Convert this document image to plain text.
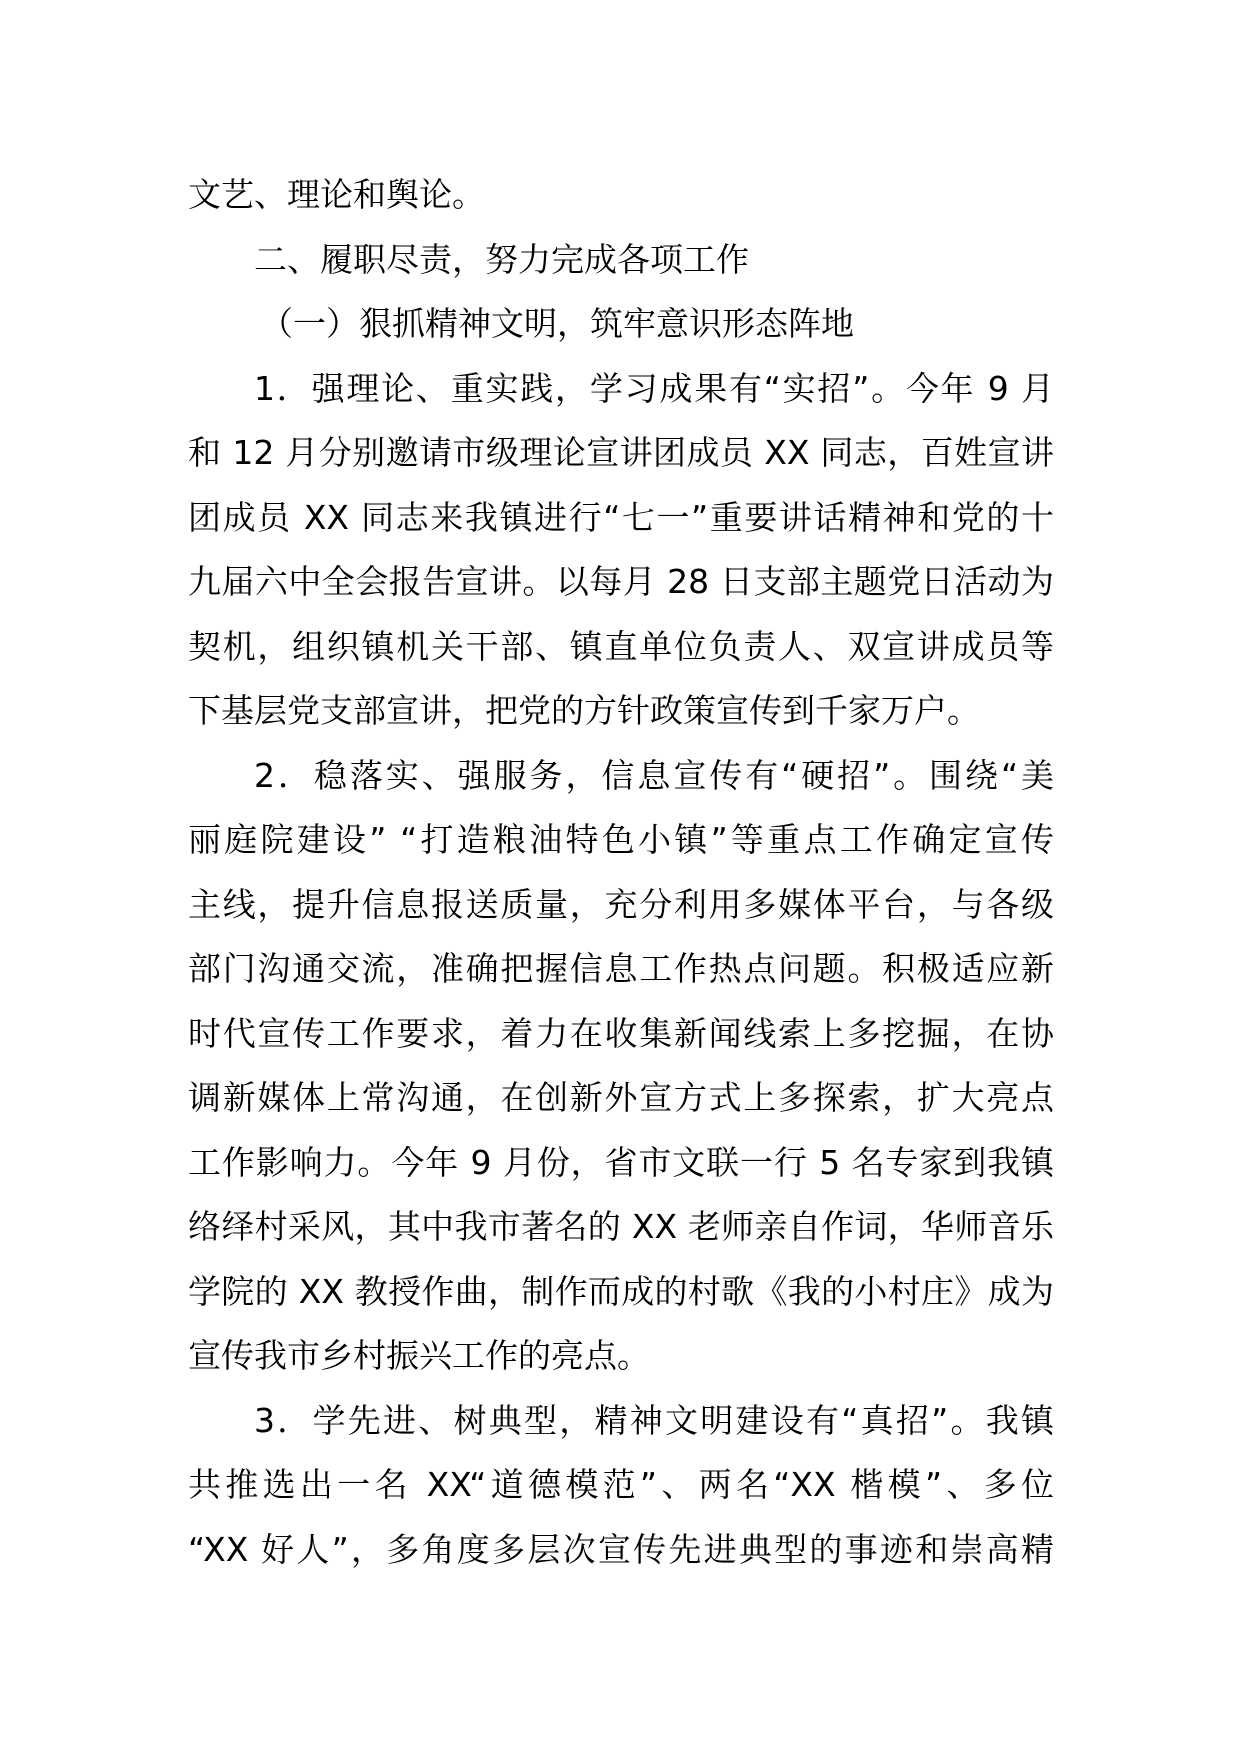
文艺、理论和舆论。
二、履职尽责，努力完成各项工作
（一）狠抓精神文明，筑牢意识形态阵地
1．强理论、重实践，学习成果有“实招”。今年 9 月
和 12 月分别邀请市级理论宣讲团成员 XX 同志，百姓宣讲
团成员 XX 同志来我镇进行“七一”重要讲话精神和党的十
九届六中全会报告宣讲。以每月 28 日支部主题党日活动为
契机，组织镇机关干部、镇直单位负责人、双宣讲成员等
下基层党支部宣讲，把党的方针政策宣传到千家万户。
2．稳落实、强服务，信息宣传有“硬招”。围绕“美
丽庭院建设” “打造粮油特色小镇”等重点工作确定宣传
主线，提升信息报送质量，充分利用多媒体平台，与各级
部门沟通交流，准确把握信息工作热点问题。积极适应新
时代宣传工作要求，着力在收集新闻线索上多挖掘，在协
调新媒体上常沟通，在创新外宣方式上多探索，扩大亮点
工作影响力。今年 9 月份，省市文联一行 5 名专家到我镇
络绎村采风，其中我市著名的 XX 老师亲自作词，华师音乐
学院的 XX 教授作曲，制作而成的村歌《我的小村庄》成为
宣传我市乡村振兴工作的亮点。
3．学先进、树典型，精神文明建设有“真招”。我镇
共推选出一名 XX“道德模范”、两名“XX 楷模”、多位
“XX 好人”，多角度多层次宣传先进典型的事迹和崇高精
